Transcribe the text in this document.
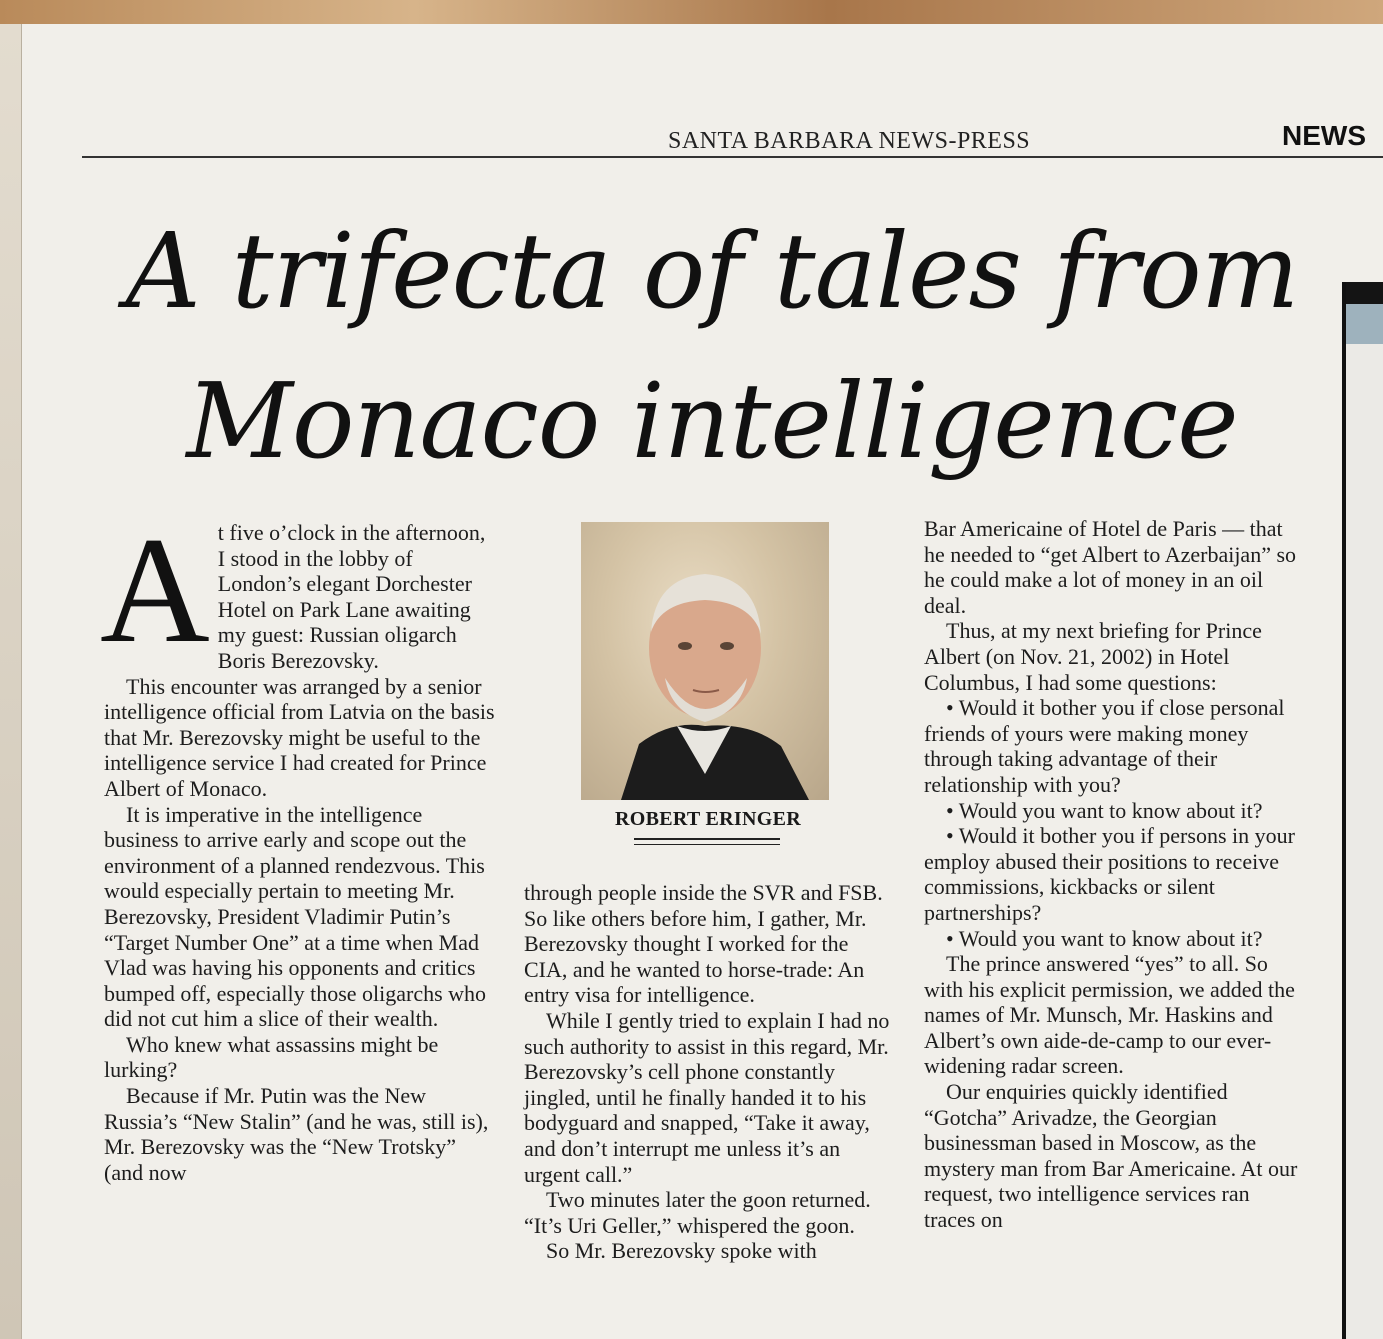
SANTA BARBARA NEWS-PRESS	NEWS
A trifecta of tales from
Monaco intelligence
A t five o’clock in the afternoon, I stood in the lobby of London’s elegant Dorchester Hotel on Park Lane awaiting my guest: Russian oligarch Boris Berezovsky.

This encounter was arranged by a senior intelligence official from Latvia on the basis that Mr. Berezovsky might be useful to the intelligence service I had created for Prince Albert of Monaco.

It is imperative in the intelligence business to arrive early and scope out the environment of a planned rendezvous. This would especially pertain to meeting Mr. Berezovsky, President Vladimir Putin’s “Target Number One” at a time when Mad Vlad was having his opponents and critics bumped off, especially those oligarchs who did not cut him a slice of their wealth.

Who knew what assassins might be lurking?

Because if Mr. Putin was the New Russia’s “New Stalin” (and he was, still is), Mr. Berezovsky was the “New Trotsky” (and now

ROBERT ERINGER

through people inside the SVR and FSB. So like others before him, I gather, Mr. Berezovsky thought I worked for the CIA, and he wanted to horse-trade: An entry visa for intelligence.

While I gently tried to explain I had no such authority to assist in this regard, Mr. Berezovsky’s cell phone constantly jingled, until he finally handed it to his bodyguard and snapped, “Take it away, and don’t interrupt me unless it’s an urgent call.”

Two minutes later the goon returned. “It’s Uri Geller,” whispered the goon.

So Mr. Berezovsky spoke with

Bar Americaine of Hotel de Paris — that he needed to “get Albert to Azerbaijan” so he could make a lot of money in an oil deal.

Thus, at my next briefing for Prince Albert (on Nov. 21, 2002) in Hotel Columbus, I had some questions:

• Would it bother you if close personal friends of yours were making money through taking advantage of their relationship with you?

• Would you want to know about it?

• Would it bother you if persons in your employ abused their positions to receive commissions, kickbacks or silent partnerships?

• Would you want to know about it?

The prince answered “yes” to all. So with his explicit permission, we added the names of Mr. Munsch, Mr. Haskins and Albert’s own aide-de-camp to our ever-widening radar screen.

Our enquiries quickly identified “Gotcha” Arivadze, the Georgian businessman based in Moscow, as the mystery man from Bar Americaine. At our request, two intelligence services ran traces on
